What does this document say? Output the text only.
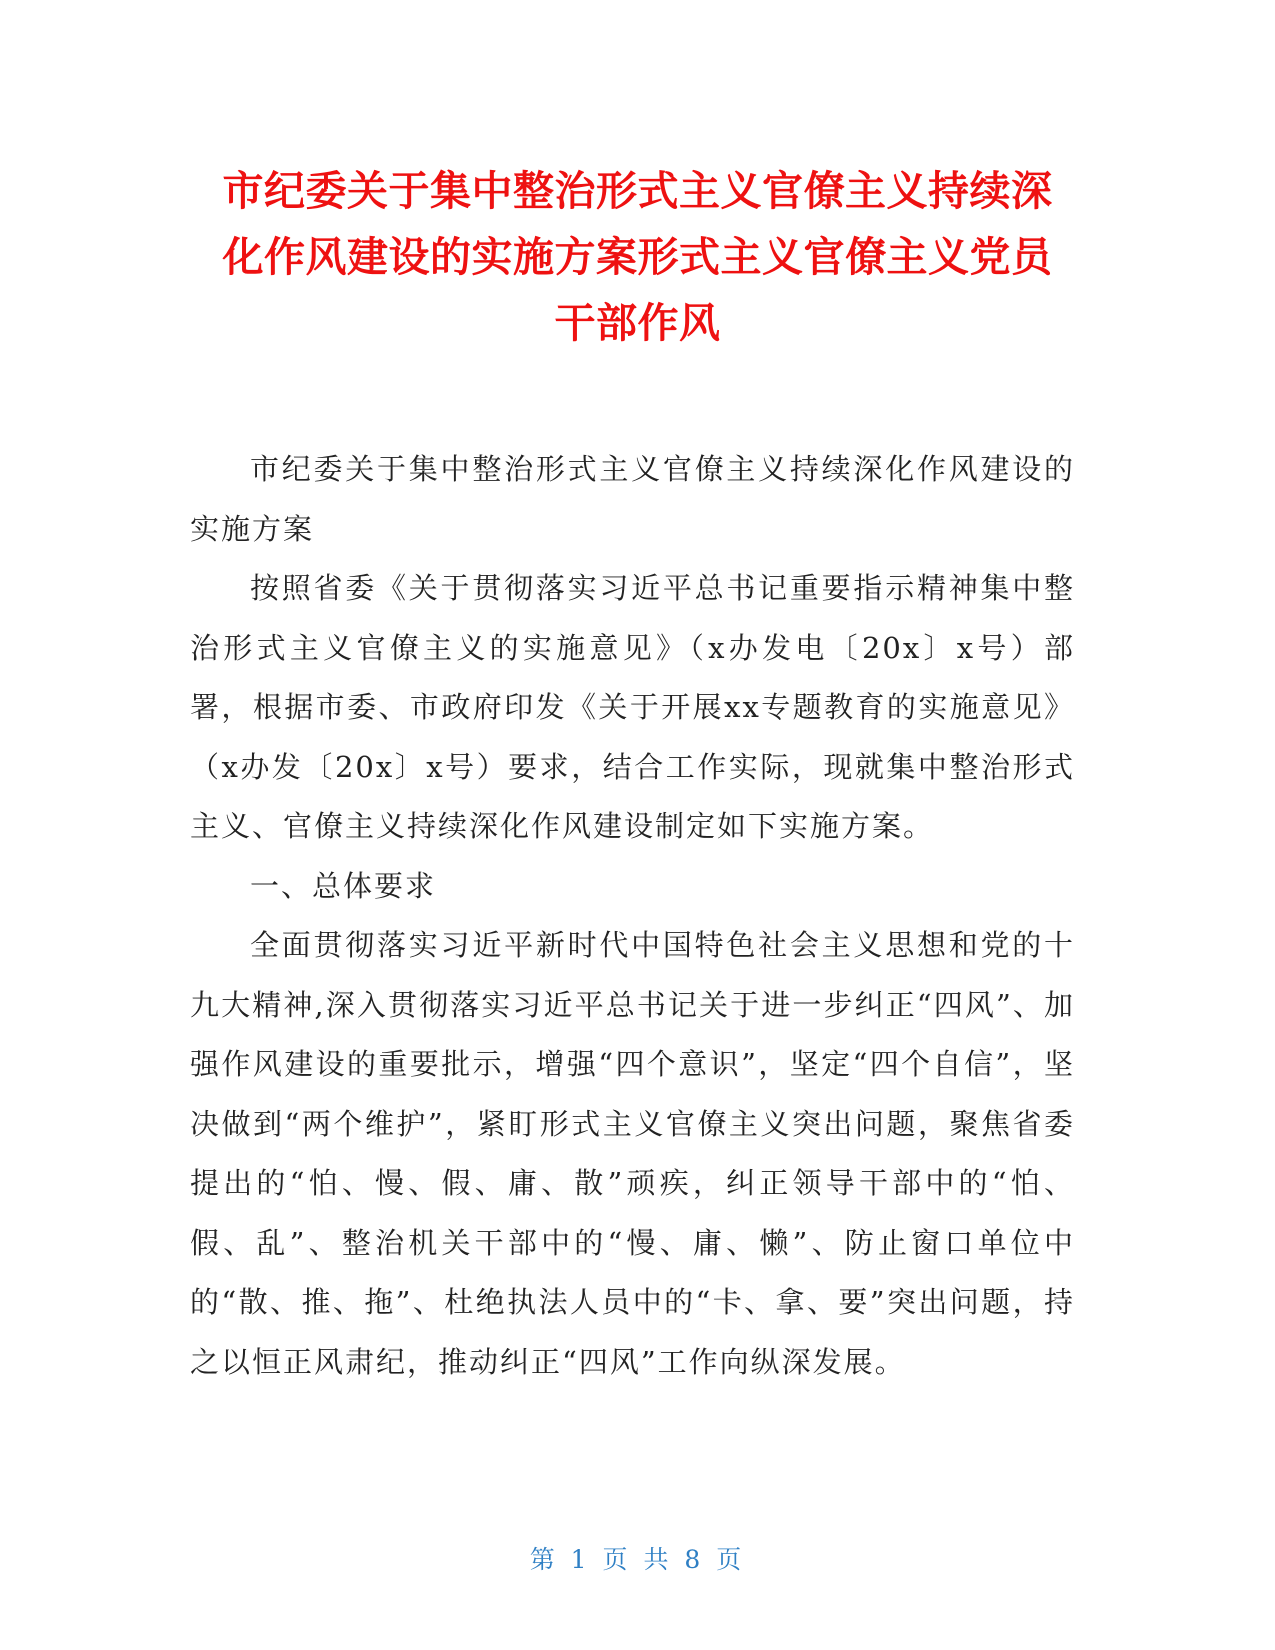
市纪委关于集中整治形式主义官僚主义持续深
化作风建设的实施方案形式主义官僚主义党员
干部作风

市纪委关于集中整治形式主义官僚主义持续深化作风建设的实施方案

按照省委《关于贯彻落实习近平总书记重要指示精神集中整治形式主义官僚主义的实施意见》（x办发电〔20x〕x号）部署，根据市委、市政府印发《关于开展xx专题教育的实施意见》（x办发〔20x〕x号）要求，结合工作实际，现就集中整治形式主义、官僚主义持续深化作风建设制定如下实施方案。

一、总体要求

全面贯彻落实习近平新时代中国特色社会主义思想和党的十九大精神,深入贯彻落实习近平总书记关于进一步纠正“四风”、加强作风建设的重要批示，增强“四个意识”，坚定“四个自信”，坚决做到“两个维护”，紧盯形式主义官僚主义突出问题，聚焦省委提出的“怕、慢、假、庸、散”顽疾，纠正领导干部中的“怕、假、乱”、整治机关干部中的“慢、庸、懒”、防止窗口单位中的“散、推、拖”、杜绝执法人员中的“卡、拿、要”突出问题，持之以恒正风肃纪，推动纠正“四风”工作向纵深发展。

第 1 页 共 8 页
